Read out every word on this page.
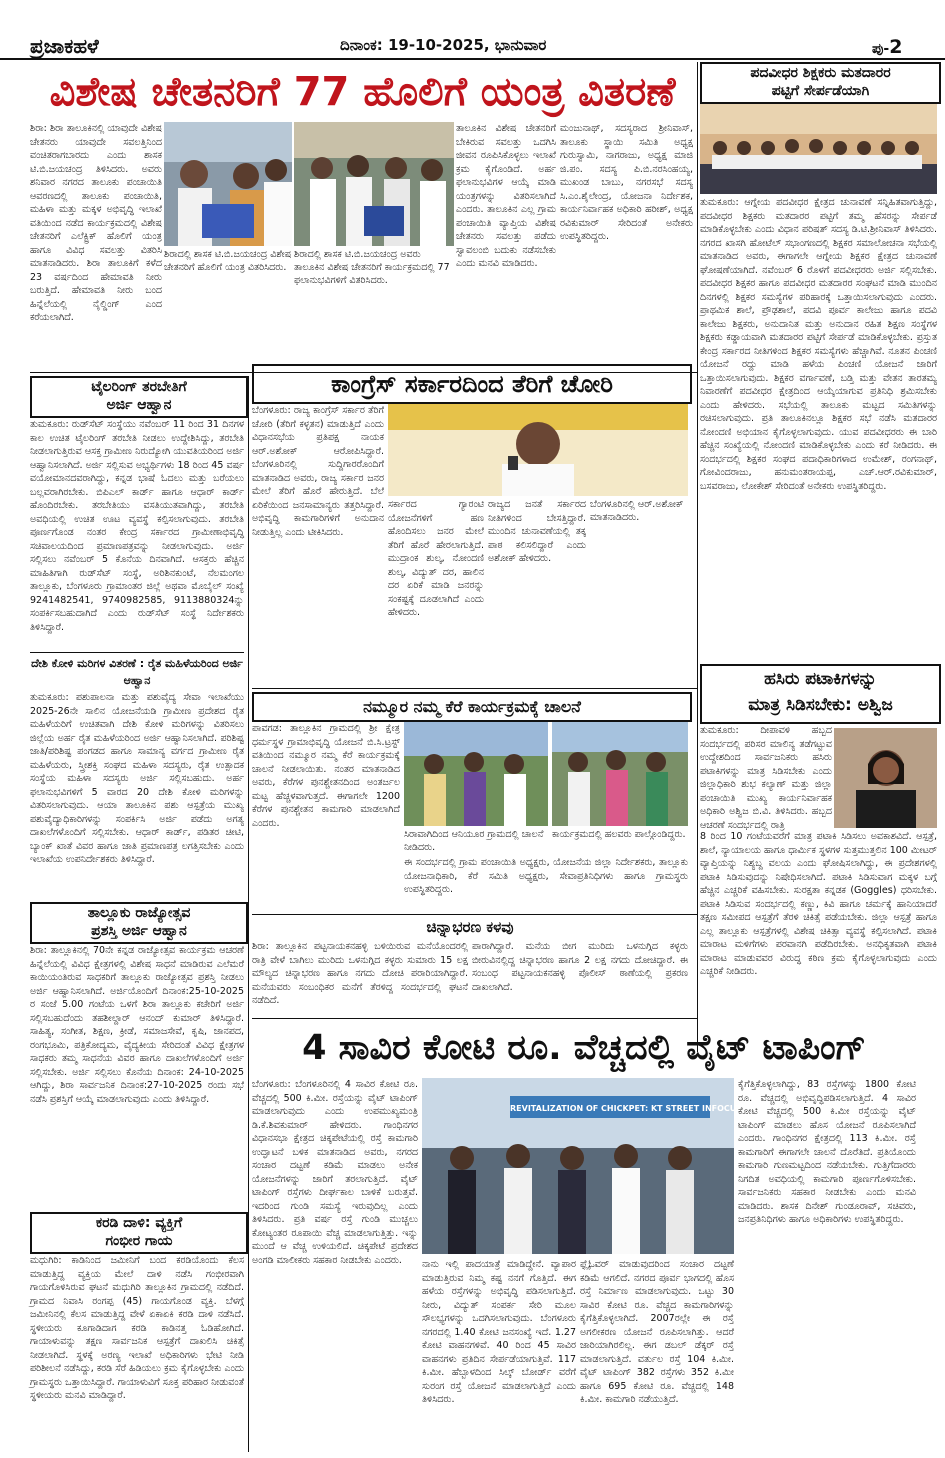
ಪ್ರಜಾಕಹಳೆ	ದಿನಾಂಕ: 19-10-2025, ಭಾನುವಾರ	ಪು-2
ವಿಶೇಷ ಚೇತನರಿಗೆ 77 ಹೊಲಿಗೆ ಯಂತ್ರ ವಿತರಣೆ
ಶಿರಾ: ಶಿರಾ ತಾಲೂಕಿನಲ್ಲಿ ಯಾವುದೇ ವಿಶೇಷ ಚೇತನರು ಯಾವುದೇ ಸವಲತ್ತಿನಿಂದ ವಂಚಿತರಾಗಬಾರದು ಎಂದು ಶಾಸಕ ಟಿ.ಬಿ.ಜಯಚಂದ್ರ ತಿಳಿಸಿದರು. ಅವರು ಶನಿವಾರ ನಗರದ ತಾಲೂಕು ಪಂಚಾಯಿತಿ ಆವರಣದಲ್ಲಿ ತಾಲೂಕು ಪಂಚಾಯಿತಿ, ಮಹಿಳಾ ಮತ್ತು ಮಕ್ಕಳ ಅಭಿವೃದ್ಧಿ ಇಲಾಖೆ ವತಿಯಿಂದ ನಡೆದ ಕಾರ್ಯಕ್ರಮದಲ್ಲಿ ವಿಶೇಷ ಚೇತನರಿಗೆ ಎಲೆಕ್ಟ್ರಿಕ್ ಹೊಲಿಗೆ ಯಂತ್ರ ಹಾಗೂ ವಿವಿಧ ಸವಲತ್ತು ವಿತರಿಸಿ ಮಾತನಾಡಿದರು. ಶಿರಾ ತಾಲೂಕಿಗೆ ಕಳೆದ 23 ವರ್ಷದಿಂದ ಹೇಮಾವತಿ ನೀರು ಬರುತ್ತಿದೆ. ಹೇಮಾವತಿ ನೀರು ಬಂದ ಹಿನ್ನೆಲೆಯಲ್ಲಿ ನೈಲ್ಡಿಂಗ್ ಎಂದ ಕರೆಯಲಾಗಿದೆ.
ಶಿರಾದಲ್ಲಿ ಶಾಸಕ ಟಿ.ಬಿ.ಜಯಚಂದ್ರ ವಿಶೇಷ ಚೇತನರಿಗೆ ಹೊಲಿಗೆ ಯಂತ್ರ ವಿತರಿಸಿದರು.
ಶಿರಾದಲ್ಲಿ ಶಾಸಕ ಟಿ.ಬಿ.ಜಯಚಂದ್ರ ಅವರು ತಾಲೂಕಿನ ವಿಶೇಷ ಚೇತನರಿಗೆ ಕಾರ್ಯಕ್ರಮದಲ್ಲಿ 77 ಫಲಾನುಭವಿಗಳಿಗೆ ವಿತರಿಸಿದರು.
ತಾಲೂಕಿನ ವಿಶೇಷ ಚೇತನರಿಗೆ ಬೇಕಿರುವ ಸವಲತ್ತು ಒದಗಿಸಿ ಜೀವನ ರೂಪಿಸಿಕೊಳ್ಳಲು ಇಲಾಖೆ ಕ್ರಮ ಕೈಗೊಂಡಿದೆ. ಅರ್ಹ ಫಲಾನುಭವಿಗಳ ಆಯ್ಕೆ ಮಾಡಿ ಯಂತ್ರಗಳನ್ನು ವಿತರಿಸಲಾಗಿದೆ ಎಂದರು. ತಾಲೂಕಿನ ಎಲ್ಲ ಗ್ರಾಮ ಪಂಚಾಯಿತಿ ವ್ಯಾಪ್ತಿಯ ವಿಶೇಷ ಚೇತನರು ಸವಲತ್ತು ಪಡೆದು ಸ್ವಾವಲಂಬಿ ಬದುಕು ನಡೆಸಬೇಕು ಎಂದು ಮನವಿ ಮಾಡಿದರು.
ಮಂಜುನಾಥ್, ಸದಸ್ಯರಾದ ಶ್ರೀನಿವಾಸ್, ತಾಲೂಕು ಸ್ಥಾಯಿ ಸಮಿತಿ ಅಧ್ಯಕ್ಷ ಗುರುಸ್ವಾಮಿ, ನಾಗರಾಜು, ಅಧ್ಯಕ್ಷ ಮಾಜಿ ಜಿ.ಪಂ. ಸದಸ್ಯ ಪಿ.ಬಿ.ನರಸಿಂಹಯ್ಯ, ಮುಖಂಡ ಬಾಬು, ನಗರಸಭೆ ಸದಸ್ಯ ಸಿ.ಎಂ.ಶೈಲೇಂದ್ರ, ಯೋಜನಾ ನಿರ್ದೇಶಕ, ಕಾರ್ಯನಿರ್ವಾಹಕ ಅಧಿಕಾರಿ ಹರೀಶ್, ಅಧ್ಯಕ್ಷ ರವಿಕುಮಾರ್ ಸೇರಿದಂತೆ ಅನೇಕರು ಉಪಸ್ಥಿತರಿದ್ದರು.
ಪದವೀಧರ ಶಿಕ್ಷಕರು ಮತದಾರರ
ಪಟ್ಟಿಗೆ ಸೇರ್ಪಡೆಯಾಗಿ
ತುಮಕೂರು: ಆಗ್ನೇಯ ಪದವೀಧರ ಕ್ಷೇತ್ರದ ಚುನಾವಣೆ ಸನ್ನಿಹಿತವಾಗುತ್ತಿದ್ದು, ಪದವೀಧರ ಶಿಕ್ಷಕರು ಮತದಾರರ ಪಟ್ಟಿಗೆ ತಮ್ಮ ಹೆಸರನ್ನು ಸೇರ್ಪಡೆ ಮಾಡಿಕೊಳ್ಳಬೇಕು ಎಂದು ವಿಧಾನ ಪರಿಷತ್ ಸದಸ್ಯ ಡಿ.ಟಿ.ಶ್ರೀನಿವಾಸ್ ತಿಳಿಸಿದರು. ನಗರದ ಖಾಸಗಿ ಹೋಟೆಲ್ ಸಭಾಂಗಣದಲ್ಲಿ ಶಿಕ್ಷಕರ ಸಮಾಲೋಚನಾ ಸಭೆಯಲ್ಲಿ ಮಾತನಾಡಿದ ಅವರು, ಈಗಾಗಲೇ ಆಗ್ನೇಯ ಶಿಕ್ಷಕರ ಕ್ಷೇತ್ರದ ಚುನಾವಣೆ ಘೋಷಣೆಯಾಗಿದೆ. ನವೆಂಬರ್ 6 ರೊಳಗೆ ಪದವೀಧರರು ಅರ್ಜಿ ಸಲ್ಲಿಸಬೇಕು. ಪದವೀಧರ ಶಿಕ್ಷಕರ ಹಾಗೂ ಪದವೀಧರ ಮತದಾರರ ಸಂಘಟನೆ ಮಾಡಿ ಮುಂದಿನ ದಿನಗಳಲ್ಲಿ ಶಿಕ್ಷಕರ ಸಮಸ್ಯೆಗಳ ಪರಿಹಾರಕ್ಕೆ ಒತ್ತಾಯಿಸಲಾಗುವುದು ಎಂದರು. ಪ್ರಾಥಮಿಕ ಶಾಲೆ, ಪ್ರೌಢಶಾಲೆ, ಪದವಿ ಪೂರ್ವ ಕಾಲೇಜು ಹಾಗೂ ಪದವಿ ಕಾಲೇಜು ಶಿಕ್ಷಕರು, ಅನುದಾನಿತ ಮತ್ತು ಅನುದಾನ ರಹಿತ ಶಿಕ್ಷಣ ಸಂಸ್ಥೆಗಳ ಶಿಕ್ಷಕರು ಕಡ್ಡಾಯವಾಗಿ ಮತದಾರರ ಪಟ್ಟಿಗೆ ಸೇರ್ಪಡೆ ಮಾಡಿಕೊಳ್ಳಬೇಕು. ಪ್ರಸ್ತುತ ಕೇಂದ್ರ ಸರ್ಕಾರದ ನೀತಿಗಳಿಂದ ಶಿಕ್ಷಕರ ಸಮಸ್ಯೆಗಳು ಹೆಚ್ಚಾಗಿವೆ. ನೂತನ ಪಿಂಚಣಿ ಯೋಜನೆ ರದ್ದು ಮಾಡಿ ಹಳೆಯ ಪಿಂಚಣಿ ಯೋಜನೆ ಜಾರಿಗೆ ಒತ್ತಾಯಿಸಲಾಗುವುದು. ಶಿಕ್ಷಕರ ವರ್ಗಾವಣೆ, ಬಡ್ತಿ ಮತ್ತು ವೇತನ ತಾರತಮ್ಯ ನಿವಾರಣೆಗೆ ಪದವೀಧರ ಕ್ಷೇತ್ರದಿಂದ ಆಯ್ಕೆಯಾಗುವ ಪ್ರತಿನಿಧಿ ಶ್ರಮಿಸಬೇಕು ಎಂದು ಹೇಳಿದರು. ಸಭೆಯಲ್ಲಿ ತಾಲೂಕು ಮಟ್ಟದ ಸಮಿತಿಗಳನ್ನು ರಚಿಸಲಾಗುವುದು. ಪ್ರತಿ ತಾಲೂಕಿನಲ್ಲೂ ಶಿಕ್ಷಕರ ಸಭೆ ನಡೆಸಿ ಮತದಾರರ ನೋಂದಣಿ ಅಭಿಯಾನ ಕೈಗೊಳ್ಳಲಾಗುವುದು. ಯುವ ಪದವೀಧರರು ಈ ಬಾರಿ ಹೆಚ್ಚಿನ ಸಂಖ್ಯೆಯಲ್ಲಿ ನೋಂದಣಿ ಮಾಡಿಕೊಳ್ಳಬೇಕು ಎಂದು ಕರೆ ನೀಡಿದರು. ಈ ಸಂದರ್ಭದಲ್ಲಿ ಶಿಕ್ಷಕರ ಸಂಘದ ಪದಾಧಿಕಾರಿಗಳಾದ ಉಮೇಶ್, ರಂಗನಾಥ್, ಗೋವಿಂದರಾಜು, ಹನುಮಂತರಾಯಪ್ಪ, ಎಚ್.ಆರ್.ರವಿಕುಮಾರ್, ಬಸವರಾಜು, ಲೋಕೇಶ್ ಸೇರಿದಂತೆ ಅನೇಕರು ಉಪಸ್ಥಿತರಿದ್ದರು.
ಟೈಲರಿಂಗ್ ತರಬೇತಿಗೆ
ಅರ್ಜಿ ಆಹ್ವಾನ
ತುಮಕೂರು: ರುಡ್‌ಸೆಟ್ ಸಂಸ್ಥೆಯು ನವೆಂಬರ್ 11 ರಿಂದ 31 ದಿನಗಳ ಕಾಲ ಉಚಿತ ಟೈಲರಿಂಗ್ ತರಬೇತಿ ನೀಡಲು ಉದ್ದೇಶಿಸಿದ್ದು, ತರಬೇತಿ ನೀಡಲಾಗುತ್ತಿರುವ ಆಸಕ್ತ ಗ್ರಾಮೀಣ ನಿರುದ್ಯೋಗಿ ಯುವತಿಯರಿಂದ ಅರ್ಜಿ ಆಹ್ವಾನಿಸಲಾಗಿದೆ. ಅರ್ಜಿ ಸಲ್ಲಿಸುವ ಅಭ್ಯರ್ಥಿಗಳು 18 ರಿಂದ 45 ವರ್ಷ ವಯೋಮಾನದವರಾಗಿದ್ದು, ಕನ್ನಡ ಭಾಷೆ ಓದಲು ಮತ್ತು ಬರೆಯಲು ಬಲ್ಲವರಾಗಿರಬೇಕು. ಬಿಪಿಎಲ್ ಕಾರ್ಡ್ ಹಾಗೂ ಆಧಾರ್ ಕಾರ್ಡ್ ಹೊಂದಿರಬೇಕು. ತರಬೇತಿಯು ವಸತಿಯುತವಾಗಿದ್ದು, ತರಬೇತಿ ಅವಧಿಯಲ್ಲಿ ಉಚಿತ ಊಟ ವ್ಯವಸ್ಥೆ ಕಲ್ಪಿಸಲಾಗುವುದು. ತರಬೇತಿ ಪೂರ್ಣಗೊಂಡ ನಂತರ ಕೇಂದ್ರ ಸರ್ಕಾರದ ಗ್ರಾಮೀಣಾಭಿವೃದ್ಧಿ ಸಚಿವಾಲಯದಿಂದ ಪ್ರಮಾಣಪತ್ರವನ್ನು ನೀಡಲಾಗುವುದು. ಅರ್ಜಿ ಸಲ್ಲಿಸಲು ನವೆಂಬರ್ 5 ಕೊನೆಯ ದಿನವಾಗಿದೆ. ಆಸಕ್ತರು ಹೆಚ್ಚಿನ ಮಾಹಿತಿಗಾಗಿ ರುಡ್‌ಸೆಟ್ ಸಂಸ್ಥೆ, ಅರಿಶಿನಕುಂಟೆ, ನೆಲಮಂಗಲ ತಾಲ್ಲೂಕು, ಬೆಂಗಳೂರು ಗ್ರಾಮಾಂತರ ಜಿಲ್ಲೆ ಅಥವಾ ಮೊಬೈಲ್ ಸಂಖ್ಯೆ 9241482541, 9740982585, 9113880324ನ್ನು ಸಂಪರ್ಕಿಸಬಹುದಾಗಿದೆ ಎಂದು ರುಡ್‌ಸೆಟ್ ಸಂಸ್ಥೆ ನಿರ್ದೇಶಕರು ತಿಳಿಸಿದ್ದಾರೆ.
ದೇಶಿ ಕೋಳಿ ಮರಿಗಳ ವಿತರಣೆ : ರೈತ ಮಹಿಳೆಯರಿಂದ ಅರ್ಜಿ ಆಹ್ವಾನ
ತುಮಕೂರು: ಪಶುಪಾಲನಾ ಮತ್ತು ಪಶುವೈದ್ಯ ಸೇವಾ ಇಲಾಖೆಯು 2025-26ನೇ ಸಾಲಿನ ಯೋಜನೆಯಡಿ ಗ್ರಾಮೀಣ ಪ್ರದೇಶದ ರೈತ ಮಹಿಳೆಯರಿಗೆ ಉಚಿತವಾಗಿ ದೇಶಿ ಕೋಳಿ ಮರಿಗಳನ್ನು ವಿತರಿಸಲು ಜಿಲ್ಲೆಯ ಅರ್ಹ ರೈತ ಮಹಿಳೆಯರಿಂದ ಅರ್ಜಿ ಆಹ್ವಾನಿಸಲಾಗಿದೆ. ಪರಿಶಿಷ್ಟ ಜಾತಿ/ಪರಿಶಿಷ್ಟ ಪಂಗಡದ ಹಾಗೂ ಸಾಮಾನ್ಯ ವರ್ಗದ ಗ್ರಾಮೀಣ ರೈತ ಮಹಿಳೆಯರು, ಸ್ತ್ರೀಶಕ್ತಿ ಸಂಘದ ಮಹಿಳಾ ಸದಸ್ಯರು, ರೈತ ಉತ್ಪಾದಕ ಸಂಸ್ಥೆಯ ಮಹಿಳಾ ಸದಸ್ಯರು ಅರ್ಜಿ ಸಲ್ಲಿಸಬಹುದು. ಅರ್ಹ ಫಲಾನುಭವಿಗಳಿಗೆ 5 ವಾರದ 20 ದೇಶಿ ಕೋಳಿ ಮರಿಗಳನ್ನು ವಿತರಿಸಲಾಗುವುದು. ಆಯಾ ತಾಲೂಕಿನ ಪಶು ಆಸ್ಪತ್ರೆಯ ಮುಖ್ಯ ಪಶುವೈದ್ಯಾಧಿಕಾರಿಗಳನ್ನು ಸಂಪರ್ಕಿಸಿ ಅರ್ಜಿ ಪಡೆದು ಅಗತ್ಯ ದಾಖಲೆಗಳೊಂದಿಗೆ ಸಲ್ಲಿಸಬೇಕು. ಆಧಾರ್ ಕಾರ್ಡ್, ಪಡಿತರ ಚೀಟಿ, ಬ್ಯಾಂಕ್ ಖಾತೆ ವಿವರ ಹಾಗೂ ಜಾತಿ ಪ್ರಮಾಣಪತ್ರ ಲಗತ್ತಿಸಬೇಕು ಎಂದು ಇಲಾಖೆಯ ಉಪನಿರ್ದೇಶಕರು ತಿಳಿಸಿದ್ದಾರೆ.
ತಾಲ್ಲೂಕು ರಾಜ್ಯೋತ್ಸವ
ಪ್ರಶಸ್ತಿ ಅರ್ಜಿ ಆಹ್ವಾನ
ಶಿರಾ: ತಾಲ್ಲೂಕಿನಲ್ಲಿ 70ನೇ ಕನ್ನಡ ರಾಜ್ಯೋತ್ಸವ ಕಾರ್ಯಕ್ರಮ ಆಚರಣೆ ಹಿನ್ನೆಲೆಯಲ್ಲಿ ವಿವಿಧ ಕ್ಷೇತ್ರಗಳಲ್ಲಿ ವಿಶೇಷ ಸಾಧನೆ ಮಾಡಿರುವ ಎಲೆಮರೆ ಕಾಯಿಯಂತಿರುವ ಸಾಧಕರಿಗೆ ತಾಲ್ಲೂಕು ರಾಜ್ಯೋತ್ಸವ ಪ್ರಶಸ್ತಿ ನೀಡಲು ಅರ್ಜಿ ಆಹ್ವಾನಿಸಲಾಗಿದೆ. ಅರ್ಜಿಯೊಂದಿಗೆ ದಿನಾಂಕ:25-10-2025 ರ ಸಂಜೆ 5.00 ಗಂಟೆಯ ಒಳಗೆ ಶಿರಾ ತಾಲ್ಲೂಕು ಕಚೇರಿಗೆ ಅರ್ಜಿ ಸಲ್ಲಿಸಬಹುದೆಂದು ತಹಶೀಲ್ದಾರ್ ಆನಂದ್ ಕುಮಾರ್ ತಿಳಿಸಿದ್ದಾರೆ. ಸಾಹಿತ್ಯ, ಸಂಗೀತ, ಶಿಕ್ಷಣ, ಕ್ರೀಡೆ, ಸಮಾಜಸೇವೆ, ಕೃಷಿ, ಜಾನಪದ, ರಂಗಭೂಮಿ, ಪತ್ರಿಕೋದ್ಯಮ, ವೈದ್ಯಕೀಯ ಸೇರಿದಂತೆ ವಿವಿಧ ಕ್ಷೇತ್ರಗಳ ಸಾಧಕರು ತಮ್ಮ ಸಾಧನೆಯ ವಿವರ ಹಾಗೂ ದಾಖಲೆಗಳೊಂದಿಗೆ ಅರ್ಜಿ ಸಲ್ಲಿಸಬೇಕು. ಅರ್ಜಿ ಸಲ್ಲಿಸಲು ಕೊನೆಯ ದಿನಾಂಕ: 24-10-2025 ಆಗಿದ್ದು, ಶಿರಾ ಸಾರ್ವಜನಿಕ ದಿನಾಂಕ:27-10-2025 ರಂದು ಸಭೆ ನಡೆಸಿ ಪ್ರಶಸ್ತಿಗೆ ಆಯ್ಕೆ ಮಾಡಲಾಗುವುದು ಎಂದು ತಿಳಿಸಿದ್ದಾರೆ.
ಕರಡಿ ದಾಳಿ: ವ್ಯಕ್ತಿಗೆ
ಗಂಭೀರ ಗಾಯ
ಮಧುಗಿರಿ: ಕಾಡಿನಿಂದ ಜಮೀನಿಗೆ ಬಂದ ಕರಡಿಯೊಂದು ಕೆಲಸ ಮಾಡುತ್ತಿದ್ದ ವ್ಯಕ್ತಿಯ ಮೇಲೆ ದಾಳಿ ನಡೆಸಿ ಗಂಭೀರವಾಗಿ ಗಾಯಗೊಳಿಸಿರುವ ಘಟನೆ ಮಧುಗಿರಿ ತಾಲ್ಲೂಕಿನ ಗ್ರಾಮದಲ್ಲಿ ನಡೆದಿದೆ. ಗ್ರಾಮದ ನಿವಾಸಿ ರಂಗಪ್ಪ (45) ಗಾಯಗೊಂಡ ವ್ಯಕ್ತಿ. ಬೆಳಗ್ಗೆ ಜಮೀನಿನಲ್ಲಿ ಕೆಲಸ ಮಾಡುತ್ತಿದ್ದ ವೇಳೆ ಏಕಾಏಕಿ ಕರಡಿ ದಾಳಿ ನಡೆಸಿದೆ. ಸ್ಥಳೀಯರು ಕೂಗಾಡಿದಾಗ ಕರಡಿ ಕಾಡಿನತ್ತ ಓಡಿಹೋಗಿದೆ. ಗಾಯಾಳುವನ್ನು ತಕ್ಷಣ ಸಾರ್ವಜನಿಕ ಆಸ್ಪತ್ರೆಗೆ ದಾಖಲಿಸಿ ಚಿಕಿತ್ಸೆ ನೀಡಲಾಗಿದೆ. ಸ್ಥಳಕ್ಕೆ ಅರಣ್ಯ ಇಲಾಖೆ ಅಧಿಕಾರಿಗಳು ಭೇಟಿ ನೀಡಿ ಪರಿಶೀಲನೆ ನಡೆಸಿದ್ದು, ಕರಡಿ ಸೆರೆ ಹಿಡಿಯಲು ಕ್ರಮ ಕೈಗೊಳ್ಳಬೇಕು ಎಂದು ಗ್ರಾಮಸ್ಥರು ಒತ್ತಾಯಿಸಿದ್ದಾರೆ. ಗಾಯಾಳುವಿಗೆ ಸೂಕ್ತ ಪರಿಹಾರ ನೀಡುವಂತೆ ಸ್ಥಳೀಯರು ಮನವಿ ಮಾಡಿದ್ದಾರೆ.
ಕಾಂಗ್ರೆಸ್ ಸರ್ಕಾರದಿಂದ ತೆರಿಗೆ ಚೋರಿ
ಬೆಂಗಳೂರು: ರಾಜ್ಯ ಕಾಂಗ್ರೆಸ್ ಸರ್ಕಾರ ತೆರಿಗೆ ಚೋರಿ (ತೆರಿಗೆ ಕಳ್ಳತನ) ಮಾಡುತ್ತಿದೆ ಎಂದು ವಿಧಾನಸಭೆಯ ಪ್ರತಿಪಕ್ಷ ನಾಯಕ ಆರ್.ಅಶೋಕ್ ಆರೋಪಿಸಿದ್ದಾರೆ. ಬೆಂಗಳೂರಿನಲ್ಲಿ ಸುದ್ದಿಗಾರರೊಂದಿಗೆ ಮಾತನಾಡಿದ ಅವರು, ರಾಜ್ಯ ಸರ್ಕಾರ ಜನರ ಮೇಲೆ ತೆರಿಗೆ ಹೊರೆ ಹೇರುತ್ತಿದೆ. ಬೆಲೆ ಏರಿಕೆಯಿಂದ ಜನಸಾಮಾನ್ಯರು ತತ್ತರಿಸಿದ್ದಾರೆ. ಅಭಿವೃದ್ಧಿ ಕಾಮಗಾರಿಗಳಿಗೆ ಅನುದಾನ ನೀಡುತ್ತಿಲ್ಲ ಎಂದು ಟೀಕಿಸಿದರು.
ಸರ್ಕಾರದ ಗ್ಯಾರಂಟಿ ಯೋಜನೆಗಳಿಗೆ ಹಣ ಹೊಂದಿಸಲು ಜನರ ಮೇಲೆ ತೆರಿಗೆ ಹೊರೆ ಹೇರಲಾಗುತ್ತಿದೆ. ಮುದ್ರಾಂಕ ಶುಲ್ಕ, ನೋಂದಣಿ ಶುಲ್ಕ, ವಿದ್ಯುತ್ ದರ, ಹಾಲಿನ ದರ ಏರಿಕೆ ಮಾಡಿ ಜನರನ್ನು ಸಂಕಷ್ಟಕ್ಕೆ ದೂಡಲಾಗಿದೆ ಎಂದು ಹೇಳಿದರು.
ರಾಜ್ಯದ ಜನತೆ ಸರ್ಕಾರದ ನೀತಿಗಳಿಂದ ಬೇಸತ್ತಿದ್ದಾರೆ. ಮುಂದಿನ ಚುನಾವಣೆಯಲ್ಲಿ ತಕ್ಕ ಪಾಠ ಕಲಿಸಲಿದ್ದಾರೆ ಎಂದು ಅಶೋಕ್ ಹೇಳಿದರು.
ಬೆಂಗಳೂರಿನಲ್ಲಿ ಆರ್.ಅಶೋಕ್ ಮಾತನಾಡಿದರು.
ನಮ್ಮೂರ ನಮ್ಮ ಕೆರೆ ಕಾರ್ಯಕ್ರಮಕ್ಕೆ ಚಾಲನೆ
ಪಾವಗಡ: ತಾಲ್ಲೂಕಿನ ಗ್ರಾಮದಲ್ಲಿ ಶ್ರೀ ಕ್ಷೇತ್ರ ಧರ್ಮಸ್ಥಳ ಗ್ರಾಮಾಭಿವೃದ್ಧಿ ಯೋಜನೆ ಬಿ.ಸಿ.ಟ್ರಸ್ಟ್ ವತಿಯಿಂದ ನಮ್ಮೂರ ನಮ್ಮ ಕೆರೆ ಕಾರ್ಯಕ್ರಮಕ್ಕೆ ಚಾಲನೆ ನೀಡಲಾಯಿತು. ನಂತರ ಮಾತನಾಡಿದ ಅವರು, ಕೆರೆಗಳ ಪುನಶ್ಚೇತನದಿಂದ ಅಂತರ್ಜಲ ಮಟ್ಟ ಹೆಚ್ಚಳವಾಗುತ್ತದೆ. ಈಗಾಗಲೇ 1200 ಕೆರೆಗಳ ಪುನಶ್ಚೇತನ ಕಾಮಗಾರಿ ಮಾಡಲಾಗಿದೆ ಎಂದರು.
ಸಿರಾವಾಗಿದಿಂದ ಆನಿಯೂರ ಗ್ರಾಮದಲ್ಲಿ ಚಾಲನೆ ನೀಡಿದರು.
ಕಾರ್ಯಕ್ರಮದಲ್ಲಿ ಹಲವರು ಪಾಲ್ಗೊಂಡಿದ್ದರು.
ಈ ಸಂದರ್ಭದಲ್ಲಿ ಗ್ರಾಮ ಪಂಚಾಯಿತಿ ಅಧ್ಯಕ್ಷರು, ಯೋಜನೆಯ ಜಿಲ್ಲಾ ನಿರ್ದೇಶಕರು, ತಾಲ್ಲೂಕು ಯೋಜನಾಧಿಕಾರಿ, ಕೆರೆ ಸಮಿತಿ ಅಧ್ಯಕ್ಷರು, ಸೇವಾಪ್ರತಿನಿಧಿಗಳು ಹಾಗೂ ಗ್ರಾಮಸ್ಥರು ಉಪಸ್ಥಿತರಿದ್ದರು.
ಚಿನ್ನಾಭರಣ ಕಳವು
ಶಿರಾ: ತಾಲ್ಲೂಕಿನ ಪಟ್ಟನಾಯಕನಹಳ್ಳಿ ಬಳಿಯಿರುವ ಮನೆಯೊಂದರಲ್ಲಿ ರಾತ್ರಿ ವೇಳೆ ಬಾಗಿಲು ಮುರಿದು ಒಳನುಗ್ಗಿದ ಕಳ್ಳರು ಸುಮಾರು 15 ಲಕ್ಷ ಮೌಲ್ಯದ ಚಿನ್ನಾಭರಣ ಹಾಗೂ ನಗದು ದೋಚಿ ಪರಾರಿಯಾಗಿದ್ದಾರೆ. ಮನೆಯವರು ಸಂಬಂಧಿಕರ ಮನೆಗೆ ತೆರಳಿದ್ದ ಸಂದರ್ಭದಲ್ಲಿ ಘಟನೆ ನಡೆದಿದೆ.
ಪಾರಾಗಿದ್ದಾರೆ. ಮನೆಯ ಬೀಗ ಮುರಿದು ಒಳನುಗ್ಗಿದ ಕಳ್ಳರು ಬೀರುವಿನಲ್ಲಿದ್ದ ಚಿನ್ನಾಭರಣ ಹಾಗೂ 2 ಲಕ್ಷ ನಗದು ದೋಚಿದ್ದಾರೆ. ಈ ಸಂಬಂಧ ಪಟ್ಟನಾಯಕನಹಳ್ಳಿ ಪೊಲೀಸ್ ಠಾಣೆಯಲ್ಲಿ ಪ್ರಕರಣ ದಾಖಲಾಗಿದೆ.
ಹಸಿರು ಪಟಾಕಿಗಳನ್ನು
ಮಾತ್ರ ಸಿಡಿಸಬೇಕು: ಅಶ್ವಿಜ
ತುಮಕೂರು: ದೀಪಾವಳಿ ಹಬ್ಬದ ಸಂದರ್ಭದಲ್ಲಿ ಪರಿಸರ ಮಾಲಿನ್ಯ ತಡೆಗಟ್ಟುವ ಉದ್ದೇಶದಿಂದ ಸಾರ್ವಜನಿಕರು ಹಸಿರು ಪಟಾಕಿಗಳನ್ನು ಮಾತ್ರ ಸಿಡಿಸಬೇಕು ಎಂದು ಜಿಲ್ಲಾಧಿಕಾರಿ ಶುಭ ಕಲ್ಯಾಣ್ ಮತ್ತು ಜಿಲ್ಲಾ ಪಂಚಾಯಿತಿ ಮುಖ್ಯ ಕಾರ್ಯನಿರ್ವಾಹಕ ಅಧಿಕಾರಿ ಅಶ್ವಿಜ ಬಿ.ವಿ. ತಿಳಿಸಿದರು. ಹಬ್ಬದ ಆಚರಣೆ ಸಂದರ್ಭದಲ್ಲಿ ರಾತ್ರಿ
4 ಸಾವಿರ ಕೋಟಿ ರೂ. ವೆಚ್ಚದಲ್ಲಿ ವೈಟ್ ಟಾಪಿಂಗ್
ಬೆಂಗಳೂರು: ಬೆಂಗಳೂರಿನಲ್ಲಿ 4 ಸಾವಿರ ಕೋಟಿ ರೂ. ವೆಚ್ಚದಲ್ಲಿ 500 ಕಿ.ಮೀ. ರಸ್ತೆಯನ್ನು ವೈಟ್ ಟಾಪಿಂಗ್ ಮಾಡಲಾಗುವುದು ಎಂದು ಉಪಮುಖ್ಯಮಂತ್ರಿ ಡಿ.ಕೆ.ಶಿವಕುಮಾರ್ ಹೇಳಿದರು. ಗಾಂಧಿನಗರ ವಿಧಾನಸಭಾ ಕ್ಷೇತ್ರದ ಚಿಕ್ಕಪೇಟೆಯಲ್ಲಿ ರಸ್ತೆ ಕಾಮಗಾರಿ ಉದ್ಘಾಟನೆ ಬಳಿಕ ಮಾತನಾಡಿದ ಅವರು, ನಗರದ ಸಂಚಾರ ದಟ್ಟಣೆ ಕಡಿಮೆ ಮಾಡಲು ಅನೇಕ ಯೋಜನೆಗಳನ್ನು ಜಾರಿಗೆ ತರಲಾಗುತ್ತಿದೆ. ವೈಟ್ ಟಾಪಿಂಗ್ ರಸ್ತೆಗಳು ದೀರ್ಘಕಾಲ ಬಾಳಿಕೆ ಬರುತ್ತವೆ. ಇದರಿಂದ ಗುಂಡಿ ಸಮಸ್ಯೆ ಇರುವುದಿಲ್ಲ ಎಂದು ತಿಳಿಸಿದರು. ಪ್ರತಿ ವರ್ಷ ರಸ್ತೆ ಗುಂಡಿ ಮುಚ್ಚಲು ಕೋಟ್ಯಂತರ ರೂಪಾಯಿ ವೆಚ್ಚ ಮಾಡಲಾಗುತ್ತಿತ್ತು. ಇನ್ನು ಮುಂದೆ ಆ ವೆಚ್ಚ ಉಳಿಯಲಿದೆ. ಚಿಕ್ಕಪೇಟೆ ಪ್ರದೇಶದ ಅಂಗಡಿ ಮಾಲೀಕರು ಸಹಕಾರ ನೀಡಬೇಕು ಎಂದರು.
REVITALIZATION OF CHICKPET: KT STREET INFOCUS
ನಾನು ಇಲ್ಲಿ ಪಾದಯಾತ್ರೆ ಮಾಡಿದ್ದೇನೆ. ವ್ಯಾಪಾರ ಮಾಡುತ್ತಿರುವ ನಿಮ್ಮ ಕಷ್ಟ ನನಗೆ ಗೊತ್ತಿದೆ. ಈಗ ಹಳೆಯ ರಸ್ತೆಗಳನ್ನು ಅಭಿವೃದ್ಧಿ ಪಡಿಸಲಾಗುತ್ತಿದೆ. ನೀರು, ವಿದ್ಯುತ್ ಸಂಪರ್ಕ ಸೇರಿ ಮೂಲ ಸೌಲಭ್ಯಗಳನ್ನು ಒದಗಿಸಲಾಗುವುದು. ಬೆಂಗಳೂರು ನಗರದಲ್ಲಿ 1.40 ಕೋಟಿ ಜನಸಂಖ್ಯೆ ಇದೆ. 1.27 ಕೋಟಿ ವಾಹನಗಳಿವೆ. 40 ರಿಂದ 45 ಸಾವಿರ ವಾಹನಗಳು ಪ್ರತಿದಿನ ಸೇರ್ಪಡೆಯಾಗುತ್ತಿವೆ. 117 ಕಿ.ಮೀ. ಹೆಬ್ಬಾಳದಿಂದ ಸಿಲ್ಕ್ ಬೋರ್ಡ್ ವರೆಗೆ ಸುರಂಗ ರಸ್ತೆ ಯೋಜನೆ ಮಾಡಲಾಗುತ್ತಿದೆ ಎಂದು ತಿಳಿಸಿದರು.
ಫ್ಲೈಓವರ್ ಮಾಡುವುದರಿಂದ ಸಂಚಾರ ದಟ್ಟಣೆ ಕಡಿಮೆ ಆಗಲಿದೆ. ನಗರದ ಪೂರ್ವ ಭಾಗದಲ್ಲಿ ಹೊಸ ರಸ್ತೆ ನಿರ್ಮಾಣ ಮಾಡಲಾಗುವುದು. ಒಟ್ಟು 30 ಸಾವಿರ ಕೋಟಿ ರೂ. ವೆಚ್ಚದ ಕಾಮಗಾರಿಗಳನ್ನು ಕೈಗೆತ್ತಿಕೊಳ್ಳಲಾಗಿದೆ. 2007ರಲ್ಲೇ ಈ ರಸ್ತೆ ಅಗಲೀಕರಣ ಯೋಜನೆ ರೂಪಿಸಲಾಗಿತ್ತು. ಆದರೆ ಜಾರಿಯಾಗಿರಲಿಲ್ಲ. ಈಗ ಡಬಲ್ ಡೆಕ್ಕರ್ ರಸ್ತೆ ಮಾಡಲಾಗುತ್ತಿದೆ. ವರ್ತುಲ ರಸ್ತೆ 104 ಕಿ.ಮೀ. ವೈಟ್ ಟಾಪಿಂಗ್ 382 ರಸ್ತೆಗಳು 352 ಕಿ.ಮೀ ಹಾಗೂ 695 ಕೋಟಿ ರೂ. ವೆಚ್ಚದಲ್ಲಿ 148 ಕಿ.ಮೀ. ಕಾಮಗಾರಿ ನಡೆಯುತ್ತಿದೆ.
ಕೈಗೆತ್ತಿಕೊಳ್ಳಲಾಗಿದ್ದು, 83 ರಸ್ತೆಗಳನ್ನು 1800 ಕೋಟಿ ರೂ. ವೆಚ್ಚದಲ್ಲಿ ಅಭಿವೃದ್ಧಿಪಡಿಸಲಾಗುತ್ತಿದೆ. 4 ಸಾವಿರ ಕೋಟಿ ವೆಚ್ಚದಲ್ಲಿ 500 ಕಿ.ಮೀ ರಸ್ತೆಯನ್ನು ವೈಟ್ ಟಾಪಿಂಗ್ ಮಾಡಲು ಹೊಸ ಯೋಜನೆ ರೂಪಿಸಲಾಗಿದೆ ಎಂದರು. ಗಾಂಧಿನಗರ ಕ್ಷೇತ್ರದಲ್ಲಿ 113 ಕಿ.ಮೀ. ರಸ್ತೆ ಕಾಮಗಾರಿಗೆ ಈಗಾಗಲೇ ಚಾಲನೆ ದೊರೆತಿದೆ. ಪ್ರತಿಯೊಂದು ಕಾಮಗಾರಿ ಗುಣಮಟ್ಟದಿಂದ ನಡೆಯಬೇಕು. ಗುತ್ತಿಗೆದಾರರು ನಿಗದಿತ ಅವಧಿಯಲ್ಲಿ ಕಾಮಗಾರಿ ಪೂರ್ಣಗೊಳಿಸಬೇಕು. ಸಾರ್ವಜನಿಕರು ಸಹಕಾರ ನೀಡಬೇಕು ಎಂದು ಮನವಿ ಮಾಡಿದರು. ಶಾಸಕ ದಿನೇಶ್ ಗುಂಡೂರಾವ್, ಸಚಿವರು, ಜನಪ್ರತಿನಿಧಿಗಳು ಹಾಗೂ ಅಧಿಕಾರಿಗಳು ಉಪಸ್ಥಿತರಿದ್ದರು.
8 ರಿಂದ 10 ಗಂಟೆಯವರೆಗೆ ಮಾತ್ರ ಪಟಾಕಿ ಸಿಡಿಸಲು ಅವಕಾಶವಿದೆ. ಆಸ್ಪತ್ರೆ, ಶಾಲೆ, ನ್ಯಾಯಾಲಯ ಹಾಗೂ ಧಾರ್ಮಿಕ ಸ್ಥಳಗಳ ಸುತ್ತಮುತ್ತಲಿನ 100 ಮೀಟರ್ ವ್ಯಾಪ್ತಿಯನ್ನು ನಿಶ್ಯಬ್ದ ವಲಯ ಎಂದು ಘೋಷಿಸಲಾಗಿದ್ದು, ಈ ಪ್ರದೇಶಗಳಲ್ಲಿ ಪಟಾಕಿ ಸಿಡಿಸುವುದನ್ನು ನಿಷೇಧಿಸಲಾಗಿದೆ. ಪಟಾಕಿ ಸಿಡಿಸುವಾಗ ಮಕ್ಕಳ ಬಗ್ಗೆ ಹೆಚ್ಚಿನ ಎಚ್ಚರಿಕೆ ವಹಿಸಬೇಕು. ಸುರಕ್ಷತಾ ಕನ್ನಡಕ (Goggles) ಧರಿಸಬೇಕು. ಪಟಾಕಿ ಸಿಡಿಸುವ ಸಂದರ್ಭದಲ್ಲಿ ಕಣ್ಣು, ಕಿವಿ ಹಾಗೂ ಚರ್ಮಕ್ಕೆ ಹಾನಿಯಾದರೆ ತಕ್ಷಣ ಸಮೀಪದ ಆಸ್ಪತ್ರೆಗೆ ತೆರಳಿ ಚಿಕಿತ್ಸೆ ಪಡೆಯಬೇಕು. ಜಿಲ್ಲಾ ಆಸ್ಪತ್ರೆ ಹಾಗೂ ಎಲ್ಲ ತಾಲ್ಲೂಕು ಆಸ್ಪತ್ರೆಗಳಲ್ಲಿ ವಿಶೇಷ ಚಿಕಿತ್ಸಾ ವ್ಯವಸ್ಥೆ ಕಲ್ಪಿಸಲಾಗಿದೆ. ಪಟಾಕಿ ಮಾರಾಟ ಮಳಿಗೆಗಳು ಪರವಾನಗಿ ಪಡೆದಿರಬೇಕು. ಅನಧಿಕೃತವಾಗಿ ಪಟಾಕಿ ಮಾರಾಟ ಮಾಡುವವರ ವಿರುದ್ಧ ಕಠಿಣ ಕ್ರಮ ಕೈಗೊಳ್ಳಲಾಗುವುದು ಎಂದು ಎಚ್ಚರಿಕೆ ನೀಡಿದರು.
